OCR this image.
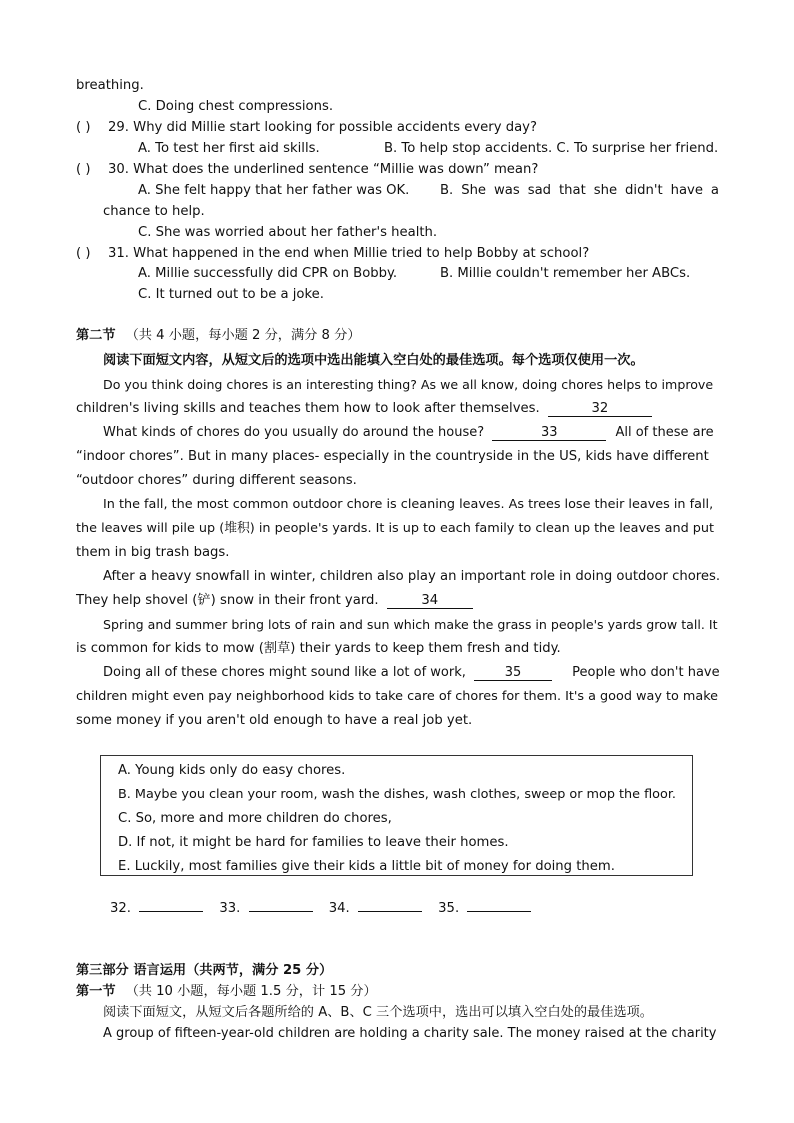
breathing.
C. Doing chest compressions.
( ) 29. Why did Millie start looking for possible accidents every day?
A. To test her first aid skills.	B. To help stop accidents. C. To surprise her friend.
( ) 30. What does the underlined sentence “Millie was down” mean?
A. She felt happy that her father was OK. B. She was sad that she didn't have a
chance to help.
C. She was worried about her father's health.
( ) 31. What happened in the end when Millie tried to help Bobby at school?
A. Millie successfully did CPR on Bobby.	B. Millie couldn't remember her ABCs.
C. It turned out to be a joke.
第二节 （共 4 小题，每小题 2 分，满分 8 分）
阅读下面短文内容，从短文后的选项中选出能填入空白处的最佳选项。每个选项仅使用一次。
Do you think doing chores is an interesting thing? As we all know, doing chores helps to improve
children's living skills and teaches them how to look after themselves.	32
What kinds of chores do you usually do around the house?	33	All of these are
“indoor chores”. But in many places- especially in the countryside in the US, kids have different
“outdoor chores” during different seasons.
In the fall, the most common outdoor chore is cleaning leaves. As trees lose their leaves in fall,
the leaves will pile up (堆积) in people's yards. It is up to each family to clean up the leaves and put
them in big trash bags.
After a heavy snowfall in winter, children also play an important role in doing outdoor chores.
They help shovel (铲) snow in their front yard.	34
Spring and summer bring lots of rain and sun which make the grass in people's yards grow tall. It
is common for kids to mow (割草) their yards to keep them fresh and tidy.
Doing all of these chores might sound like a lot of work,	35	People who don't have
children might even pay neighborhood kids to take care of chores for them. It's a good way to make
some money if you aren't old enough to have a real job yet.
A. Young kids only do easy chores.
B. Maybe you clean your room, wash the dishes, wash clothes, sweep or mop the floor.
C. So, more and more children do chores,
D. If not, it might be hard for families to leave their homes.
E. Luckily, most families give their kids a little bit of money for doing them.
32.	33.	34.	35.
第三部分 语言运用（共两节，满分 25 分）
第一节 （共 10 小题，每小题 1.5 分，计 15 分）
阅读下面短文，从短文后各题所给的 A、B、C 三个选项中，选出可以填入空白处的最佳选项。
A group of fifteen-year-old children are holding a charity sale. The money raised at the charity
